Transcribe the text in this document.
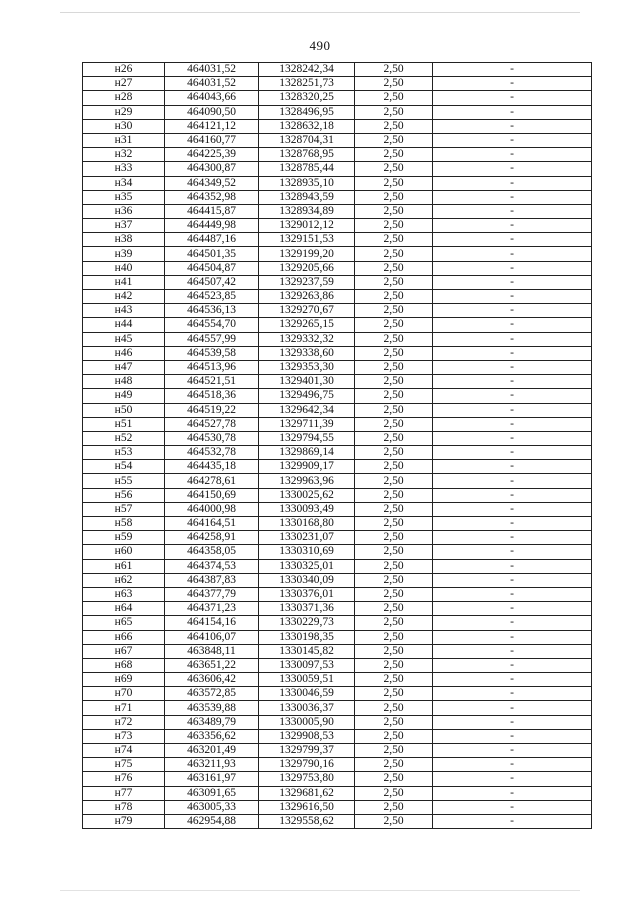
490
н26	464031,52	1328242,34	2,50	-
н27	464031,52	1328251,73	2,50	-
н28	464043,66	1328320,25	2,50	-
н29	464090,50	1328496,95	2,50	-
н30	464121,12	1328632,18	2,50	-
н31	464160,77	1328704,31	2,50	-
н32	464225,39	1328768,95	2,50	-
н33	464300,87	1328785,44	2,50	-
н34	464349,52	1328935,10	2,50	-
н35	464352,98	1328943,59	2,50	-
н36	464415,87	1328934,89	2,50	-
н37	464449,98	1329012,12	2,50	-
н38	464487,16	1329151,53	2,50	-
н39	464501,35	1329199,20	2,50	-
н40	464504,87	1329205,66	2,50	-
н41	464507,42	1329237,59	2,50	-
н42	464523,85	1329263,86	2,50	-
н43	464536,13	1329270,67	2,50	-
н44	464554,70	1329265,15	2,50	-
н45	464557,99	1329332,32	2,50	-
н46	464539,58	1329338,60	2,50	-
н47	464513,96	1329353,30	2,50	-
н48	464521,51	1329401,30	2,50	-
н49	464518,36	1329496,75	2,50	-
н50	464519,22	1329642,34	2,50	-
н51	464527,78	1329711,39	2,50	-
н52	464530,78	1329794,55	2,50	-
н53	464532,78	1329869,14	2,50	-
н54	464435,18	1329909,17	2,50	-
н55	464278,61	1329963,96	2,50	-
н56	464150,69	1330025,62	2,50	-
н57	464000,98	1330093,49	2,50	-
н58	464164,51	1330168,80	2,50	-
н59	464258,91	1330231,07	2,50	-
н60	464358,05	1330310,69	2,50	-
н61	464374,53	1330325,01	2,50	-
н62	464387,83	1330340,09	2,50	-
н63	464377,79	1330376,01	2,50	-
н64	464371,23	1330371,36	2,50	-
н65	464154,16	1330229,73	2,50	-
н66	464106,07	1330198,35	2,50	-
н67	463848,11	1330145,82	2,50	-
н68	463651,22	1330097,53	2,50	-
н69	463606,42	1330059,51	2,50	-
н70	463572,85	1330046,59	2,50	-
н71	463539,88	1330036,37	2,50	-
н72	463489,79	1330005,90	2,50	-
н73	463356,62	1329908,53	2,50	-
н74	463201,49	1329799,37	2,50	-
н75	463211,93	1329790,16	2,50	-
н76	463161,97	1329753,80	2,50	-
н77	463091,65	1329681,62	2,50	-
н78	463005,33	1329616,50	2,50	-
н79	462954,88	1329558,62	2,50	-
